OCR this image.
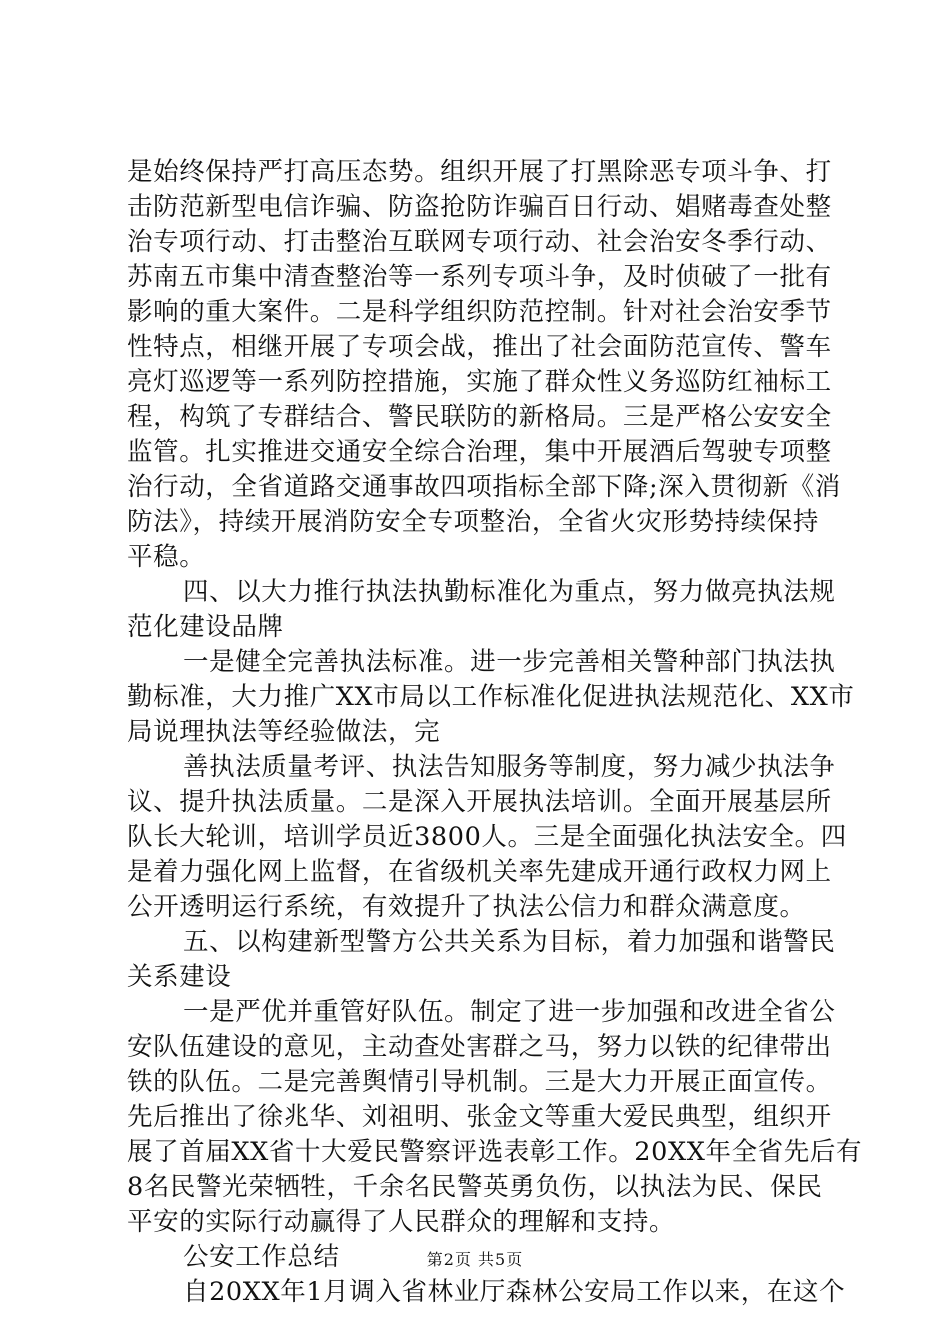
是始终保持严打高压态势。组织开展了打黑除恶专项斗争、打
击防范新型电信诈骗、防盗抢防诈骗百日行动、娼赌毒查处整
治专项行动、打击整治互联网专项行动、社会治安冬季行动、
苏南五市集中清查整治等一系列专项斗争，及时侦破了一批有
影响的重大案件。二是科学组织防范控制。针对社会治安季节
性特点，相继开展了专项会战，推出了社会面防范宣传、警车
亮灯巡逻等一系列防控措施，实施了群众性义务巡防红袖标工
程，构筑了专群结合、警民联防的新格局。三是严格公安安全
监管。扎实推进交通安全综合治理，集中开展酒后驾驶专项整
治行动，全省道路交通事故四项指标全部下降;深入贯彻新《消
防法》，持续开展消防安全专项整治，全省火灾形势持续保持
平稳。
四、以大力推行执法执勤标准化为重点，努力做亮执法规
范化建设品牌
一是健全完善执法标准。进一步完善相关警种部门执法执
勤标准，大力推广XX市局以工作标准化促进执法规范化、XX市
局说理执法等经验做法，完
善执法质量考评、执法告知服务等制度，努力减少执法争
议、提升执法质量。二是深入开展执法培训。全面开展基层所
队长大轮训，培训学员近3800人。三是全面强化执法安全。四
是着力强化网上监督，在省级机关率先建成开通行政权力网上
公开透明运行系统，有效提升了执法公信力和群众满意度。
五、以构建新型警方公共关系为目标，着力加强和谐警民
关系建设
一是严优并重管好队伍。制定了进一步加强和改进全省公
安队伍建设的意见，主动查处害群之马，努力以铁的纪律带出
铁的队伍。二是完善舆情引导机制。三是大力开展正面宣传。
先后推出了徐兆华、刘祖明、张金文等重大爱民典型，组织开
展了首届XX省十大爱民警察评选表彰工作。20XX年全省先后有
8名民警光荣牺牲，千余名民警英勇负伤，以执法为民、保民
平安的实际行动赢得了人民群众的理解和支持。
公安工作总结
自20XX年1月调入省林业厅森林公安局工作以来，在这个
第2页 共5页
